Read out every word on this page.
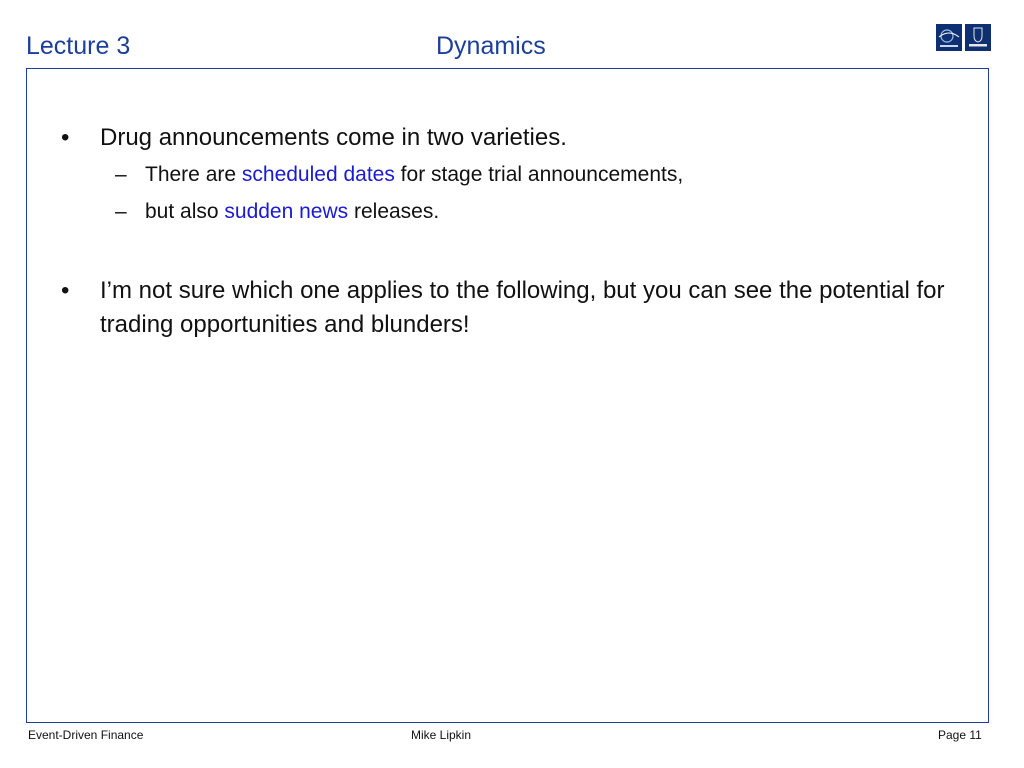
Lecture 3	Dynamics
• Drug announcements come in two varieties.
– There are scheduled dates for stage trial announcements,
– but also sudden news releases.
• I’m not sure which one applies to the following, but you can see the potential for trading opportunities and blunders!
Event-Driven Finance	Mike Lipkin	Page 11
